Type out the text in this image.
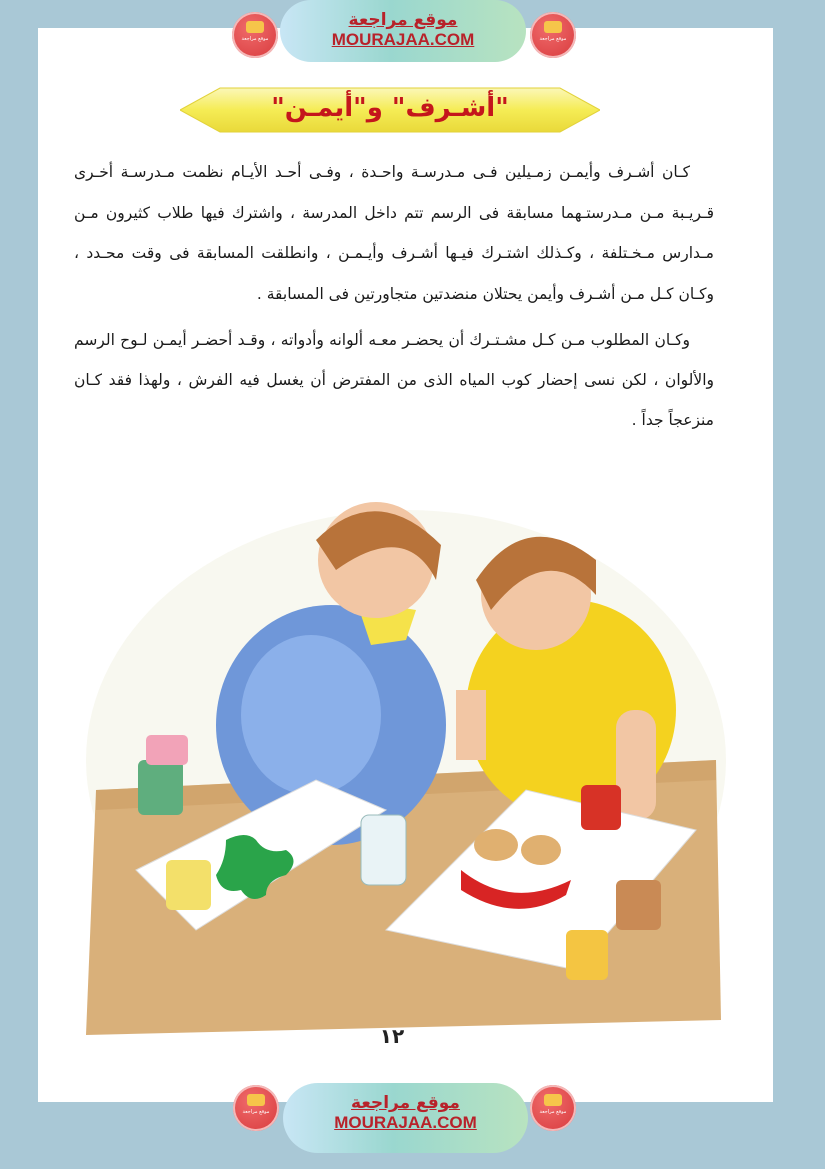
موقع مراجعة
موقع مراجعة
MOURAJAA.COM	موقع مراجعة
"أشـرف" و"أيمـن"

كـان أشـرف وأيمـن زمـيلين فـى مـدرسـة واحـدة ، وفـى أحـد الأيـام نظمت مـدرسـة أخـرى قـريـبة مـن مـدرستـهما مسابقة فى الرسم تتم داخل المدرسة ، واشترك فيها طلاب كثيرون مـن مـدارس مـخـتلفة ، وكـذلك اشتـرك فيـها أشـرف وأيـمـن ، وانطلقت المسابقة فى وقت محـدد ، وكـان كـل مـن أشـرف وأيمن يحتلان منضدتين متجاورتين فى المسابقة .

وكـان المطلوب مـن كـل مشـتـرك أن يحضـر معـه ألوانه وأدواته ، وقـد أحضـر أيمـن لـوح الرسم والألوان ، لكن نسى إحضار كوب المياه الذى من المفترض أن يغسل فيه الفرش ، ولهذا فقد كـان منزعجاً جداً .

١٢
موقع مراجعة	موقع مراجعة
MOURAJAA.COM
موقع مراجعة
